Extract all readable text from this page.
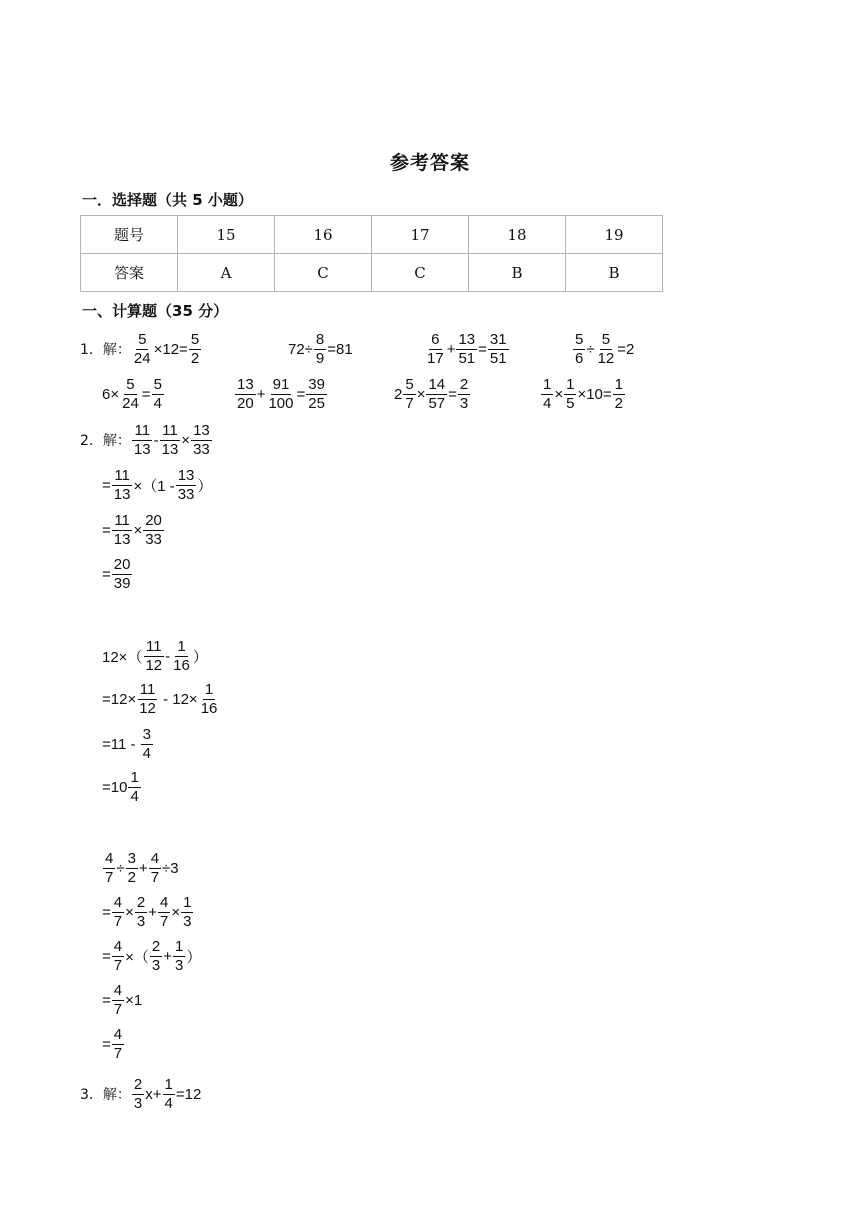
参考答案
一．选择题（共 5 小题）
题号	15	16	17	18	19
答案	A	C	C	B	B
一、计算题（35 分）
1．解： $\frac{5}{24} \times 12= \frac{5}{2}$	$72\div \frac{8}{9} =81$	$\frac{6}{17} + \frac{13}{51} = \frac{31}{51}$	$\frac{5}{6} \div \frac{5}{12} =2$
$6\times \frac{5}{24} = \frac{5}{4}$	$\frac{13}{20} + \frac{91}{100} = \frac{39}{25}$	$2 \frac{5}{7} \times \frac{14}{57} = \frac{2}{3}$	$\frac{1}{4} \times \frac{1}{5} \times 10= \frac{1}{2}$
2．解： $\frac{11}{13} - \frac{11}{13} \times \frac{13}{33}$
= $\frac{11}{13} \times(1 - \frac{13}{33}$ ）
= $\frac{11}{13} \times \frac{20}{33}$
= $\frac{20}{39}$
$12\times( \frac{11}{12} - \frac{1}{16}$ ）
$=12\times \frac{11}{12} - 12\times \frac{1}{16}$
$=11 - \frac{3}{4}$
$=10 \frac{1}{4}$
$\frac{4}{7} \div \frac{3}{2} + \frac{4}{7} \div 3$
= $\frac{4}{7} \times \frac{2}{3} + \frac{4}{7} \times \frac{1}{3}$
= $\frac{4}{7}$ ×（ $\frac{2}{3} + \frac{1}{3}$ ）
= $\frac{4}{7} \times 1$
= $\frac{4}{7}$
3．解： $\frac{2}{3} x+ \frac{1}{4} =12$
